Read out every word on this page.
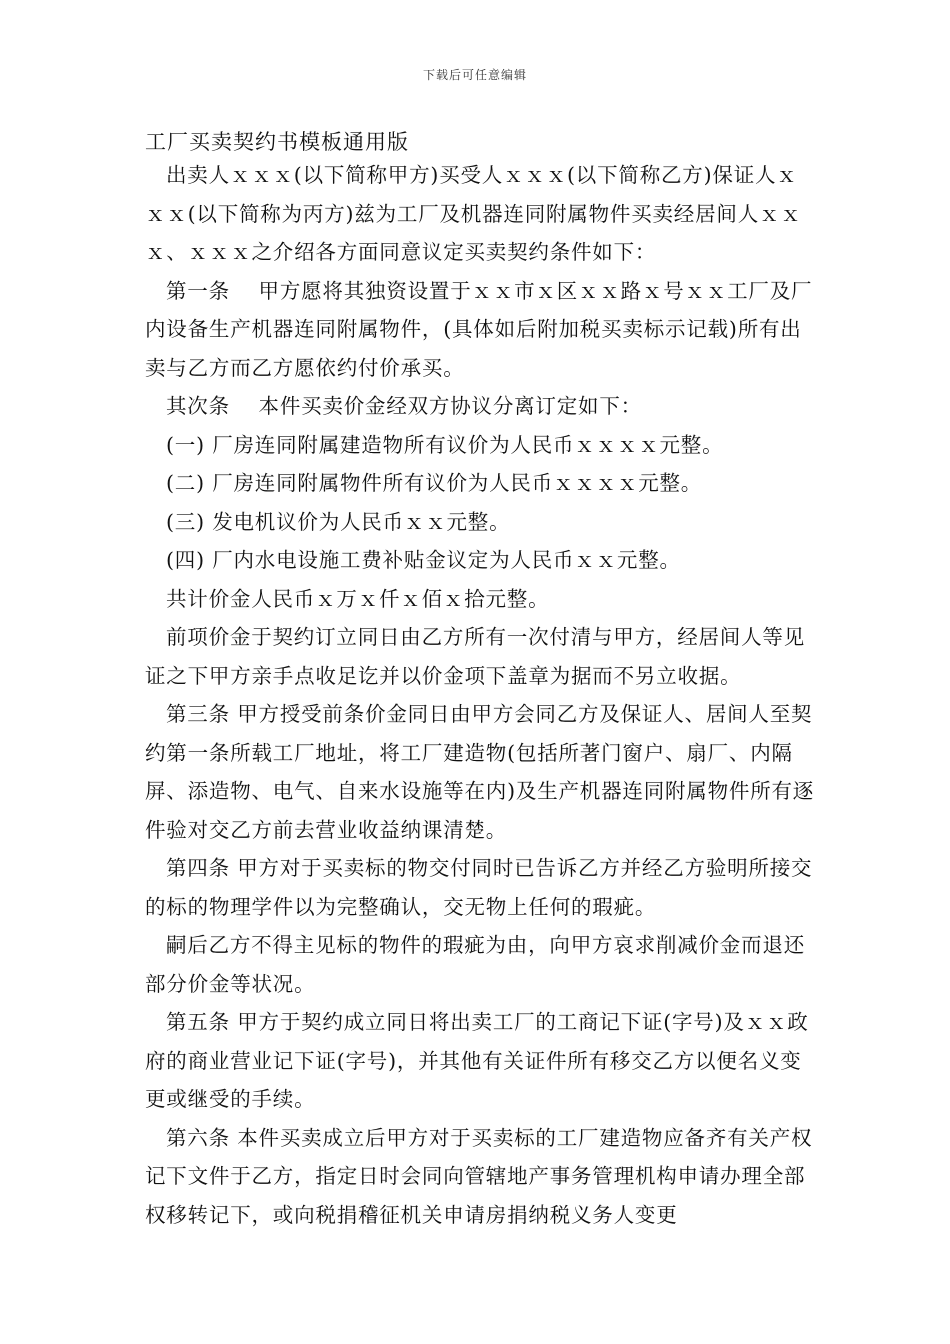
下载后可任意编辑
工厂买卖契约书模板通用版

出卖人ｘｘｘ(以下简称甲方)买受人ｘｘｘ(以下简称乙方)保证人ｘｘｘ(以下简称为丙方)兹为工厂及机器连同附属物件买卖经居间人ｘｘｘ、ｘｘｘ之介绍各方面同意议定买卖契约条件如下：

第一条　 甲方愿将其独资设置于ｘｘ市ｘ区ｘｘ路ｘ号ｘｘ工厂及厂内设备生产机器连同附属物件，(具体如后附加税买卖标示记载)所有出卖与乙方而乙方愿依约付价承买。

其次条　 本件买卖价金经双方协议分离订定如下：

(一) 厂房连同附属建造物所有议价为人民币ｘｘｘｘ元整。

(二) 厂房连同附属物件所有议价为人民币ｘｘｘｘ元整。

(三) 发电机议价为人民币ｘｘ元整。

(四) 厂内水电设施工费补贴金议定为人民币ｘｘ元整。

共计价金人民币ｘ万ｘ仟ｘ佰ｘ拾元整。

前项价金于契约订立同日由乙方所有一次付清与甲方，经居间人等见证之下甲方亲手点收足讫并以价金项下盖章为据而不另立收据。

第三条 甲方授受前条价金同日由甲方会同乙方及保证人、居间人至契约第一条所载工厂地址，将工厂建造物(包括所著门窗户、扇厂、内隔屏、添造物、电气、自来水设施等在内)及生产机器连同附属物件所有逐件验对交乙方前去营业收益纳课清楚。

第四条 甲方对于买卖标的物交付同时已告诉乙方并经乙方验明所接交的标的物理学件以为完整确认，交无物上任何的瑕疵。

嗣后乙方不得主见标的物件的瑕疵为由，向甲方哀求削减价金而退还部分价金等状况。

第五条 甲方于契约成立同日将出卖工厂的工商记下证(字号)及ｘｘ政府的商业营业记下证(字号)，并其他有关证件所有移交乙方以便名义变更或继受的手续。

第六条 本件买卖成立后甲方对于买卖标的工厂建造物应备齐有关产权记下文件于乙方，指定日时会同向管辖地产事务管理机构申请办理全部权移转记下，或向税捐稽征机关申请房捐纳税义务人变更
